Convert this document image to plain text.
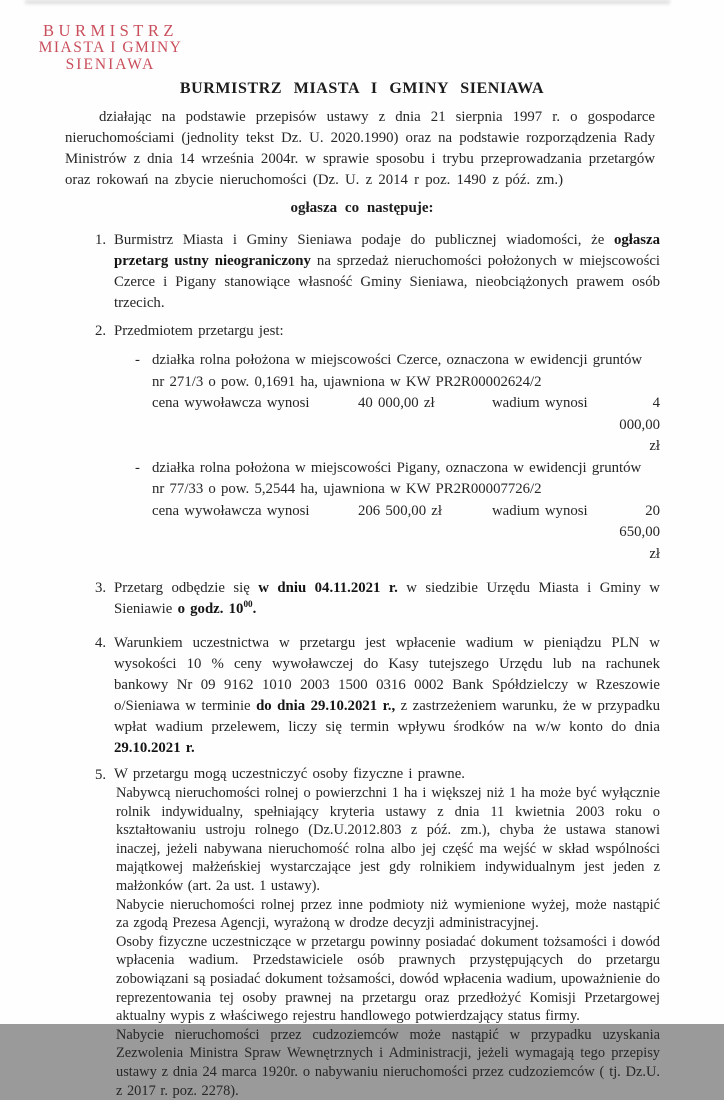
BURMISTRZ
MIASTA I GMINY
SIENIAWA
BURMISTRZ MIASTA I GMINY SIENIAWA

działając na podstawie przepisów ustawy z dnia 21 sierpnia 1997 r. o gospodarce nieruchomościami (jednolity tekst Dz. U. 2020.1990) oraz na podstawie rozporządzenia Rady Ministrów z dnia 14 września 2004r. w sprawie sposobu i trybu przeprowadzania przetargów oraz rokowań na zbycie nieruchomości (Dz. U. z 2014 r poz. 1490 z póź. zm.)

ogłasza co następuje:
1. Burmistrz Miasta i Gminy Sieniawa podaje do publicznej wiadomości, że ogłasza przetarg ustny nieograniczony na sprzedaż nieruchomości położonych w miejscowości Czerce i Pigany stanowiące własność Gminy Sieniawa, nieobciążonych prawem osób trzecich.
2. Przedmiotem przetargu jest:
- działka rolna położona w miejscowości Czerce, oznaczona w ewidencji gruntów
nr 271/3 o pow. 0,1691 ha, ujawniona w KW PR2R00002624/2
cena wywoławcza wynosi	40 000,00 zł	wadium wynosi	4 000,00 zł
- działka rolna położona w miejscowości Pigany, oznaczona w ewidencji gruntów
nr 77/33 o pow. 5,2544 ha, ujawniona w KW PR2R00007726/2
cena wywoławcza wynosi	206 500,00 zł	wadium wynosi	20 650,00 zł
3. Przetarg odbędzie się w dniu 04.11.2021 r. w siedzibie Urzędu Miasta i Gminy w Sieniawie o godz. $10^{00}$.
4. Warunkiem uczestnictwa w przetargu jest wpłacenie wadium w pieniądzu PLN w wysokości 10 % ceny wywoławczej do Kasy tutejszego Urzędu lub na rachunek bankowy Nr 09 9162 1010 2003 1500 0316 0002 Bank Spółdzielczy w Rzeszowie o/Sieniawa w terminie do dnia 29.10.2021 r., z zastrzeżeniem warunku, że w przypadku wpłat wadium przelewem, liczy się termin wpływu środków na w/w konto do dnia 29.10.2021 r.
5. W przetargu mogą uczestniczyć osoby fizyczne i prawne.
Nabywcą nieruchomości rolnej o powierzchni 1 ha i większej niż 1 ha może być wyłącznie rolnik indywidualny, spełniający kryteria ustawy z dnia 11 kwietnia 2003 roku o kształtowaniu ustroju rolnego (Dz.U.2012.803 z póź. zm.), chyba że ustawa stanowi inaczej, jeżeli nabywana nieruchomość rolna albo jej część ma wejść w skład wspólności majątkowej małżeńskiej wystarczające jest gdy rolnikiem indywidualnym jest jeden z małżonków (art. 2a ust. 1 ustawy).
Nabycie nieruchomości rolnej przez inne podmioty niż wymienione wyżej, może nastąpić za zgodą Prezesa Agencji, wyrażoną w drodze decyzji administracyjnej.
Osoby fizyczne uczestniczące w przetargu powinny posiadać dokument tożsamości i dowód wpłacenia wadium. Przedstawiciele osób prawnych przystępujących do przetargu zobowiązani są posiadać dokument tożsamości, dowód wpłacenia wadium, upoważnienie do reprezentowania tej osoby prawnej na przetargu oraz przedłożyć Komisji Przetargowej aktualny wypis z właściwego rejestru handlowego potwierdzający status firmy.
Nabycie nieruchomości przez cudzoziemców może nastąpić w przypadku uzyskania Zezwolenia Ministra Spraw Wewnętrznych i Administracji, jeżeli wymagają tego przepisy ustawy z dnia 24 marca 1920r. o nabywaniu nieruchomości przez cudzoziemców ( tj. Dz.U. z 2017 r. poz. 2278).
